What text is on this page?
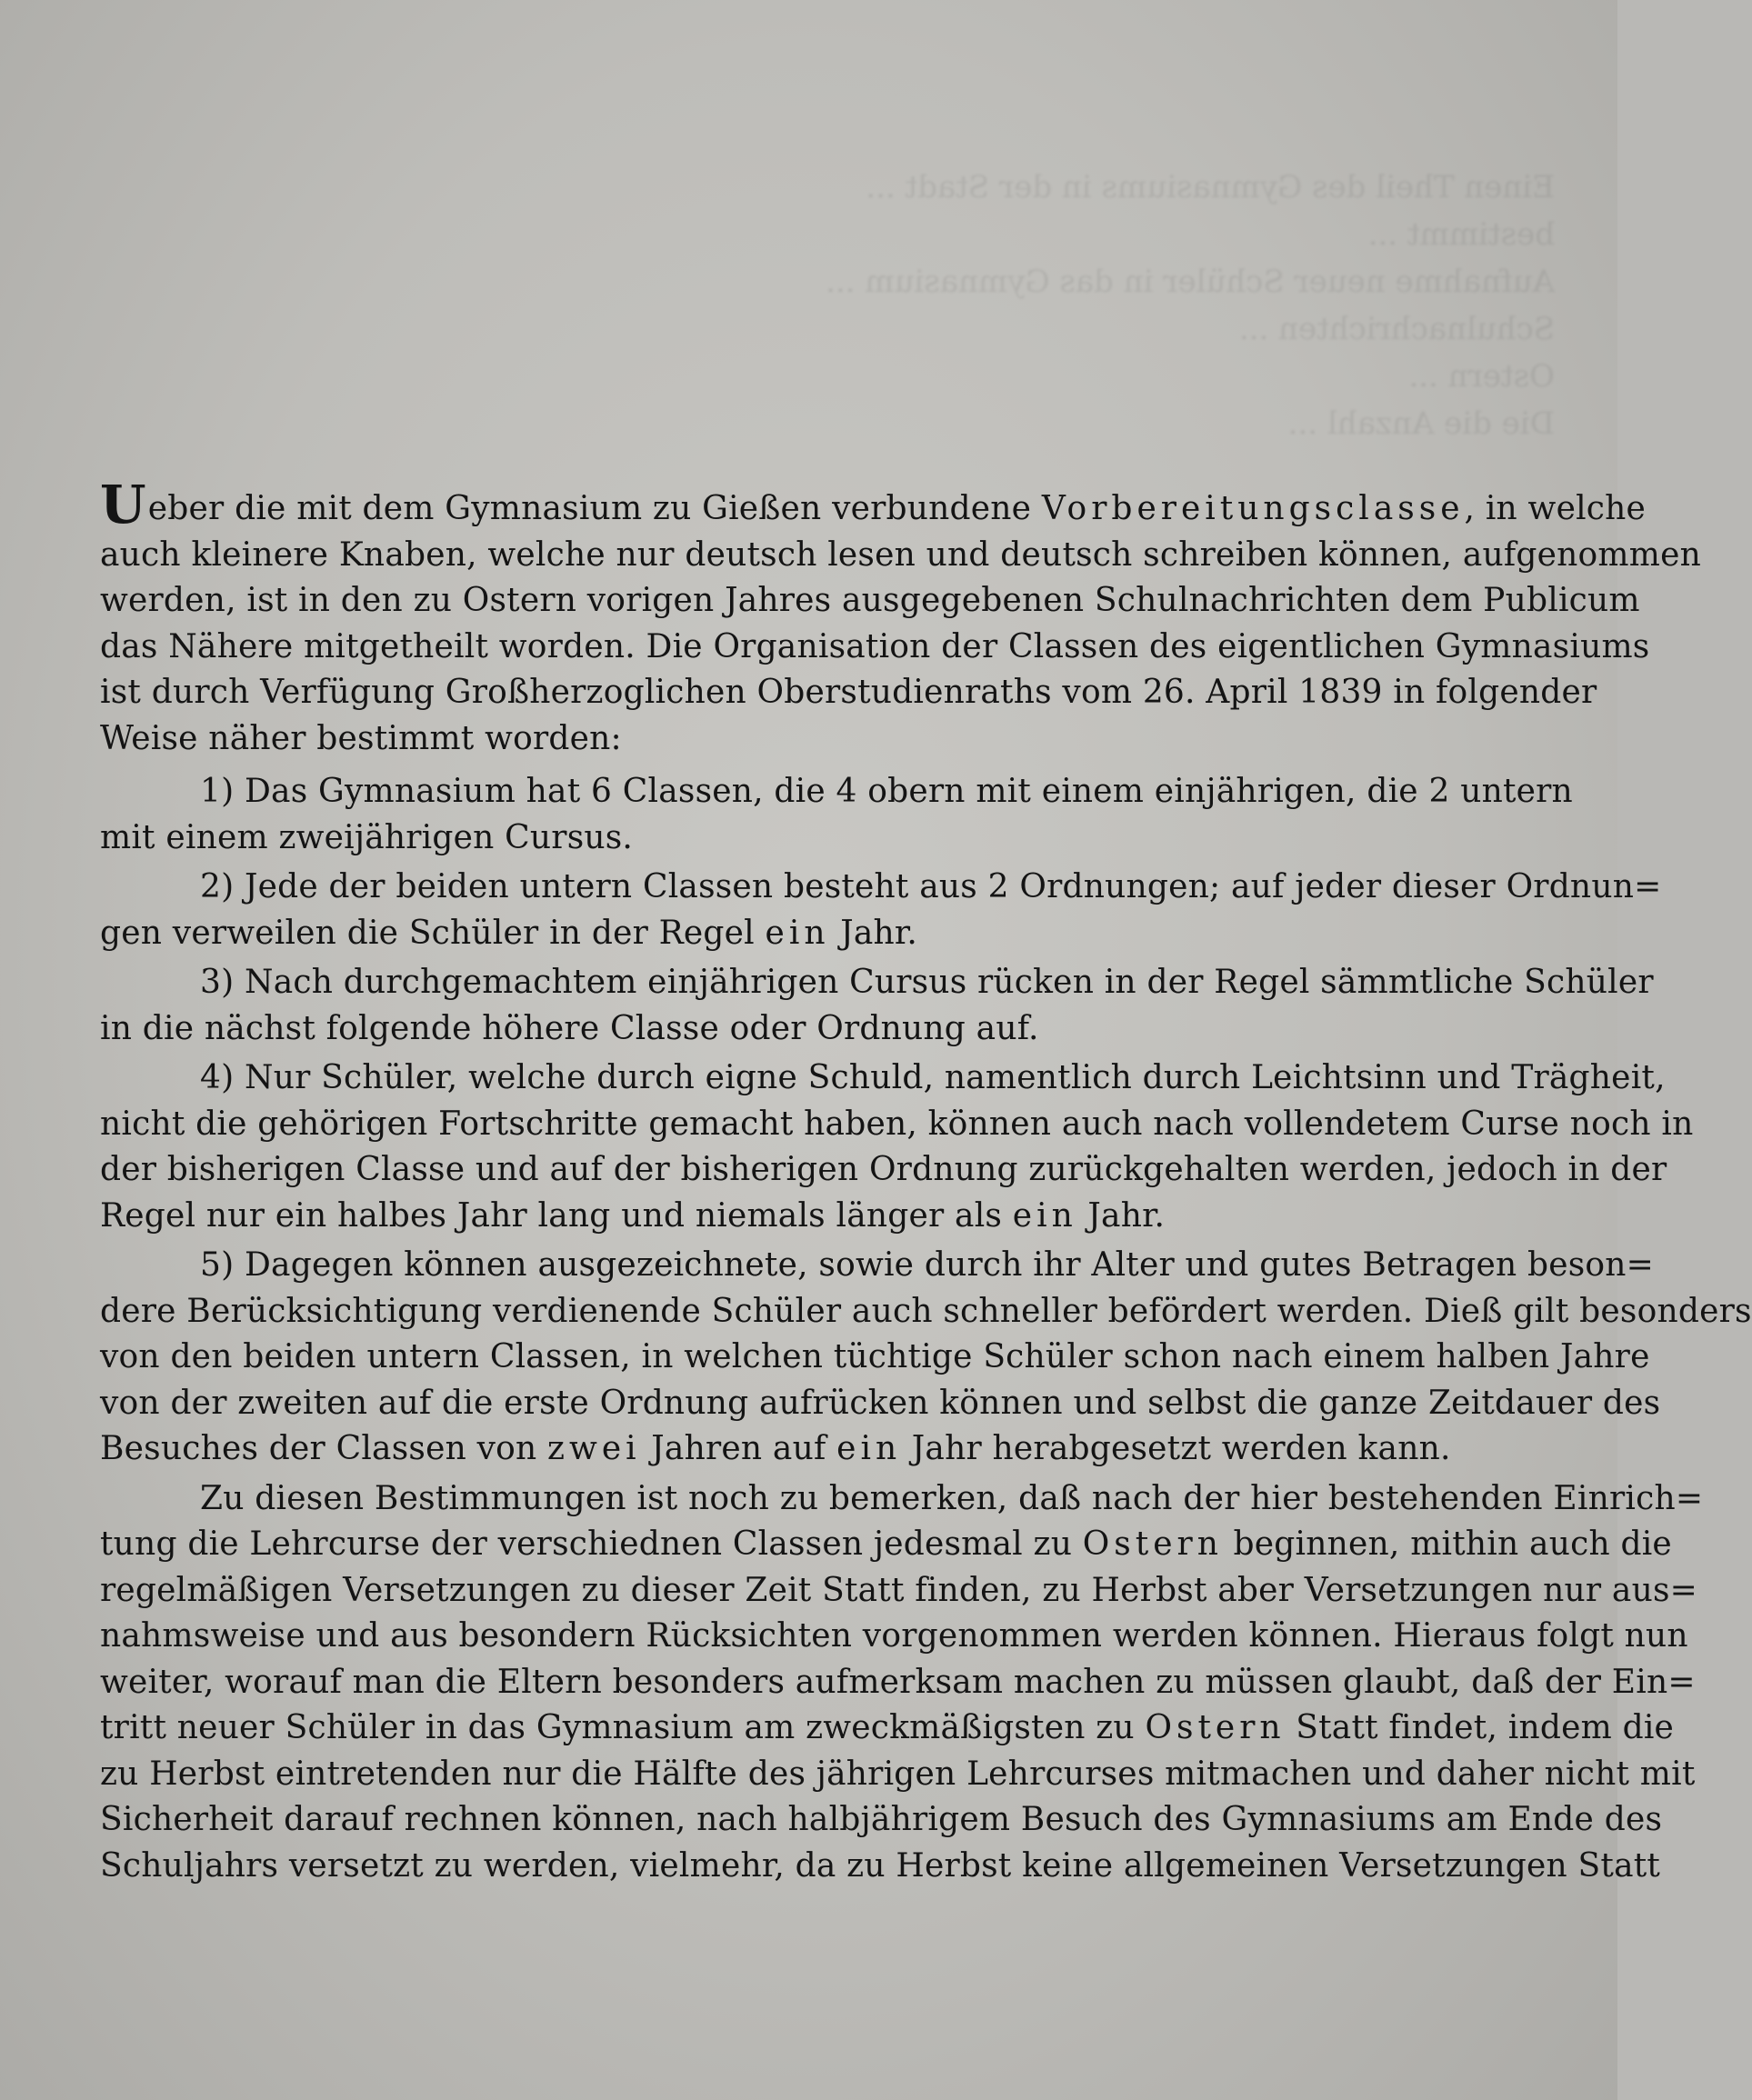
Einen Theil des Gymnasiums in der Stadt ...
bestimmt ...
Aufnahme neuer Schüler in das Gymnasium ...
Schulnachrichten ...
Ostern ...
Die die Anzahl ...
Ueber die mit dem Gymnasium zu Gießen verbundene Vorbereitungsclasse, in welche
auch kleinere Knaben, welche nur deutsch lesen und deutsch schreiben können, aufgenommen
werden, ist in den zu Ostern vorigen Jahres ausgegebenen Schulnachrichten dem Publicum
das Nähere mitgetheilt worden. Die Organisation der Classen des eigentlichen Gymnasiums
ist durch Verfügung Großherzoglichen Oberstudienraths vom 26. April 1839 in folgender
Weise näher bestimmt worden:
1) Das Gymnasium hat 6 Classen, die 4 obern mit einem einjährigen, die 2 untern
mit einem zweijährigen Cursus.
2) Jede der beiden untern Classen besteht aus 2 Ordnungen; auf jeder dieser Ordnun=
gen verweilen die Schüler in der Regel ein Jahr.
3) Nach durchgemachtem einjährigen Cursus rücken in der Regel sämmtliche Schüler
in die nächst folgende höhere Classe oder Ordnung auf.
4) Nur Schüler, welche durch eigne Schuld, namentlich durch Leichtsinn und Trägheit,
nicht die gehörigen Fortschritte gemacht haben, können auch nach vollendetem Curse noch in
der bisherigen Classe und auf der bisherigen Ordnung zurückgehalten werden, jedoch in der
Regel nur ein halbes Jahr lang und niemals länger als ein Jahr.
5) Dagegen können ausgezeichnete, sowie durch ihr Alter und gutes Betragen beson=
dere Berücksichtigung verdienende Schüler auch schneller befördert werden. Dieß gilt besonders
von den beiden untern Classen, in welchen tüchtige Schüler schon nach einem halben Jahre
von der zweiten auf die erste Ordnung aufrücken können und selbst die ganze Zeitdauer des
Besuches der Classen von zwei Jahren auf ein Jahr herabgesetzt werden kann.
Zu diesen Bestimmungen ist noch zu bemerken, daß nach der hier bestehenden Einrich=
tung die Lehrcurse der verschiednen Classen jedesmal zu Ostern beginnen, mithin auch die
regelmäßigen Versetzungen zu dieser Zeit Statt finden, zu Herbst aber Versetzungen nur aus=
nahmsweise und aus besondern Rücksichten vorgenommen werden können. Hieraus folgt nun
weiter, worauf man die Eltern besonders aufmerksam machen zu müssen glaubt, daß der Ein=
tritt neuer Schüler in das Gymnasium am zweckmäßigsten zu Ostern Statt findet, indem die
zu Herbst eintretenden nur die Hälfte des jährigen Lehrcurses mitmachen und daher nicht mit
Sicherheit darauf rechnen können, nach halbjährigem Besuch des Gymnasiums am Ende des
Schuljahrs versetzt zu werden, vielmehr, da zu Herbst keine allgemeinen Versetzungen Statt
